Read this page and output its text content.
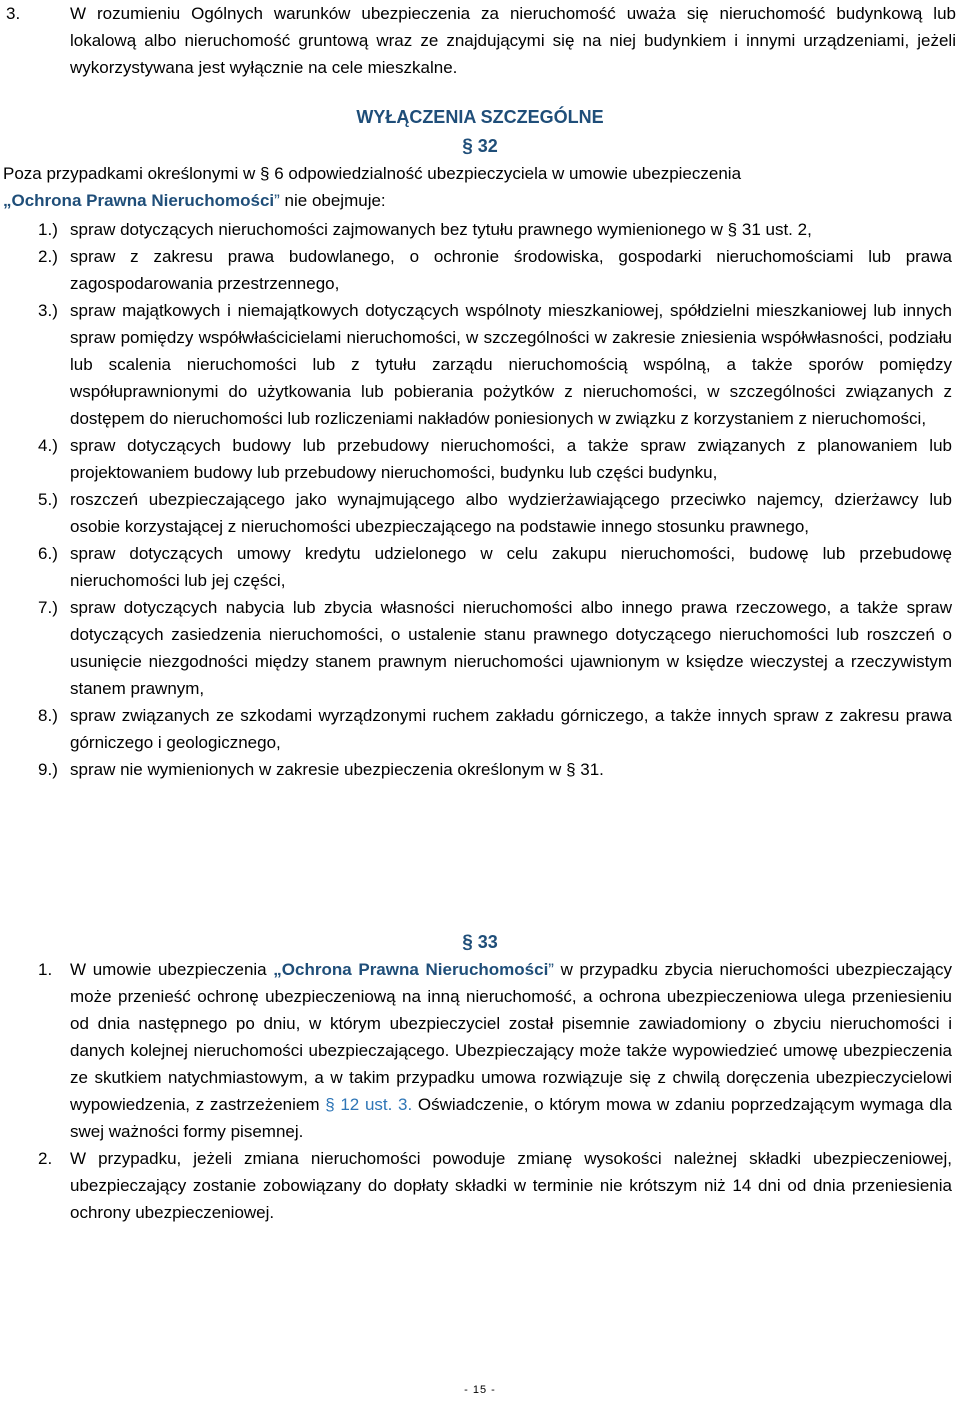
3.	W rozumieniu Ogólnych warunków ubezpieczenia za nieruchomość uważa się nieruchomość budynkową lub lokalową albo nieruchomość gruntową wraz ze znajdującymi się na niej budynkiem i innymi urządzeniami, jeżeli wykorzystywana jest wyłącznie na cele mieszkalne.
WYŁĄCZENIA SZCZEGÓLNE
§ 32
Poza przypadkami określonymi w § 6 odpowiedzialność ubezpieczyciela w umowie ubezpieczenia
„Ochrona Prawna Nieruchomości” nie obejmuje:
1.) spraw dotyczących nieruchomości zajmowanych bez tytułu prawnego wymienionego w § 31 ust. 2,
2.) spraw z zakresu prawa budowlanego, o ochronie środowiska, gospodarki nieruchomościami lub prawa zagospodarowania przestrzennego,
3.) spraw majątkowych i niemajątkowych dotyczących wspólnoty mieszkaniowej, spółdzielni mieszkaniowej lub innych spraw pomiędzy współwłaścicielami nieruchomości, w szczególności w zakresie zniesienia współwłasności, podziału lub scalenia nieruchomości lub z tytułu zarządu nieruchomością wspólną, a także sporów pomiędzy współuprawnionymi do użytkowania lub pobierania pożytków z nieruchomości, w szczególności związanych z dostępem do nieruchomości lub rozliczeniami nakładów poniesionych w związku z korzystaniem z nieruchomości,
4.) spraw dotyczących budowy lub przebudowy nieruchomości, a także spraw związanych z planowaniem lub projektowaniem budowy lub przebudowy nieruchomości, budynku lub części budynku,
5.) roszczeń ubezpieczającego jako wynajmującego albo wydzierżawiającego przeciwko najemcy, dzierżawcy lub osobie korzystającej z nieruchomości ubezpieczającego na podstawie innego stosunku prawnego,
6.) spraw dotyczących umowy kredytu udzielonego w celu zakupu nieruchomości, budowę lub przebudowę nieruchomości lub jej części,
7.) spraw dotyczących nabycia lub zbycia własności nieruchomości albo innego prawa rzeczowego, a także spraw dotyczących zasiedzenia nieruchomości, o ustalenie stanu prawnego dotyczącego nieruchomości lub roszczeń o usunięcie niezgodności między stanem prawnym nieruchomości ujawnionym w księdze wieczystej a rzeczywistym stanem prawnym,
8.) spraw związanych ze szkodami wyrządzonymi ruchem zakładu górniczego, a także innych spraw z zakresu prawa górniczego i geologicznego,
9.) spraw nie wymienionych w zakresie ubezpieczenia określonym w § 31.
§ 33
1. W umowie ubezpieczenia „Ochrona Prawna Nieruchomości” w przypadku zbycia nieruchomości ubezpieczający może przenieść ochronę ubezpieczeniową na inną nieruchomość, a ochrona ubezpieczeniowa ulega przeniesieniu od dnia następnego po dniu, w którym ubezpieczyciel został pisemnie zawiadomiony o zbyciu nieruchomości i danych kolejnej nieruchomości ubezpieczającego. Ubezpieczający może także wypowiedzieć umowę ubezpieczenia ze skutkiem natychmiastowym, a w takim przypadku umowa rozwiązuje się z chwilą doręczenia ubezpieczycielowi wypowiedzenia, z zastrzeżeniem § 12 ust. 3. Oświadczenie, o którym mowa w zdaniu poprzedzającym wymaga dla swej ważności formy pisemnej.
2. W przypadku, jeżeli zmiana nieruchomości powoduje zmianę wysokości należnej składki ubezpieczeniowej, ubezpieczający zostanie zobowiązany do dopłaty składki w terminie nie krótszym niż 14 dni od dnia przeniesienia ochrony ubezpieczeniowej.
- 15 -
